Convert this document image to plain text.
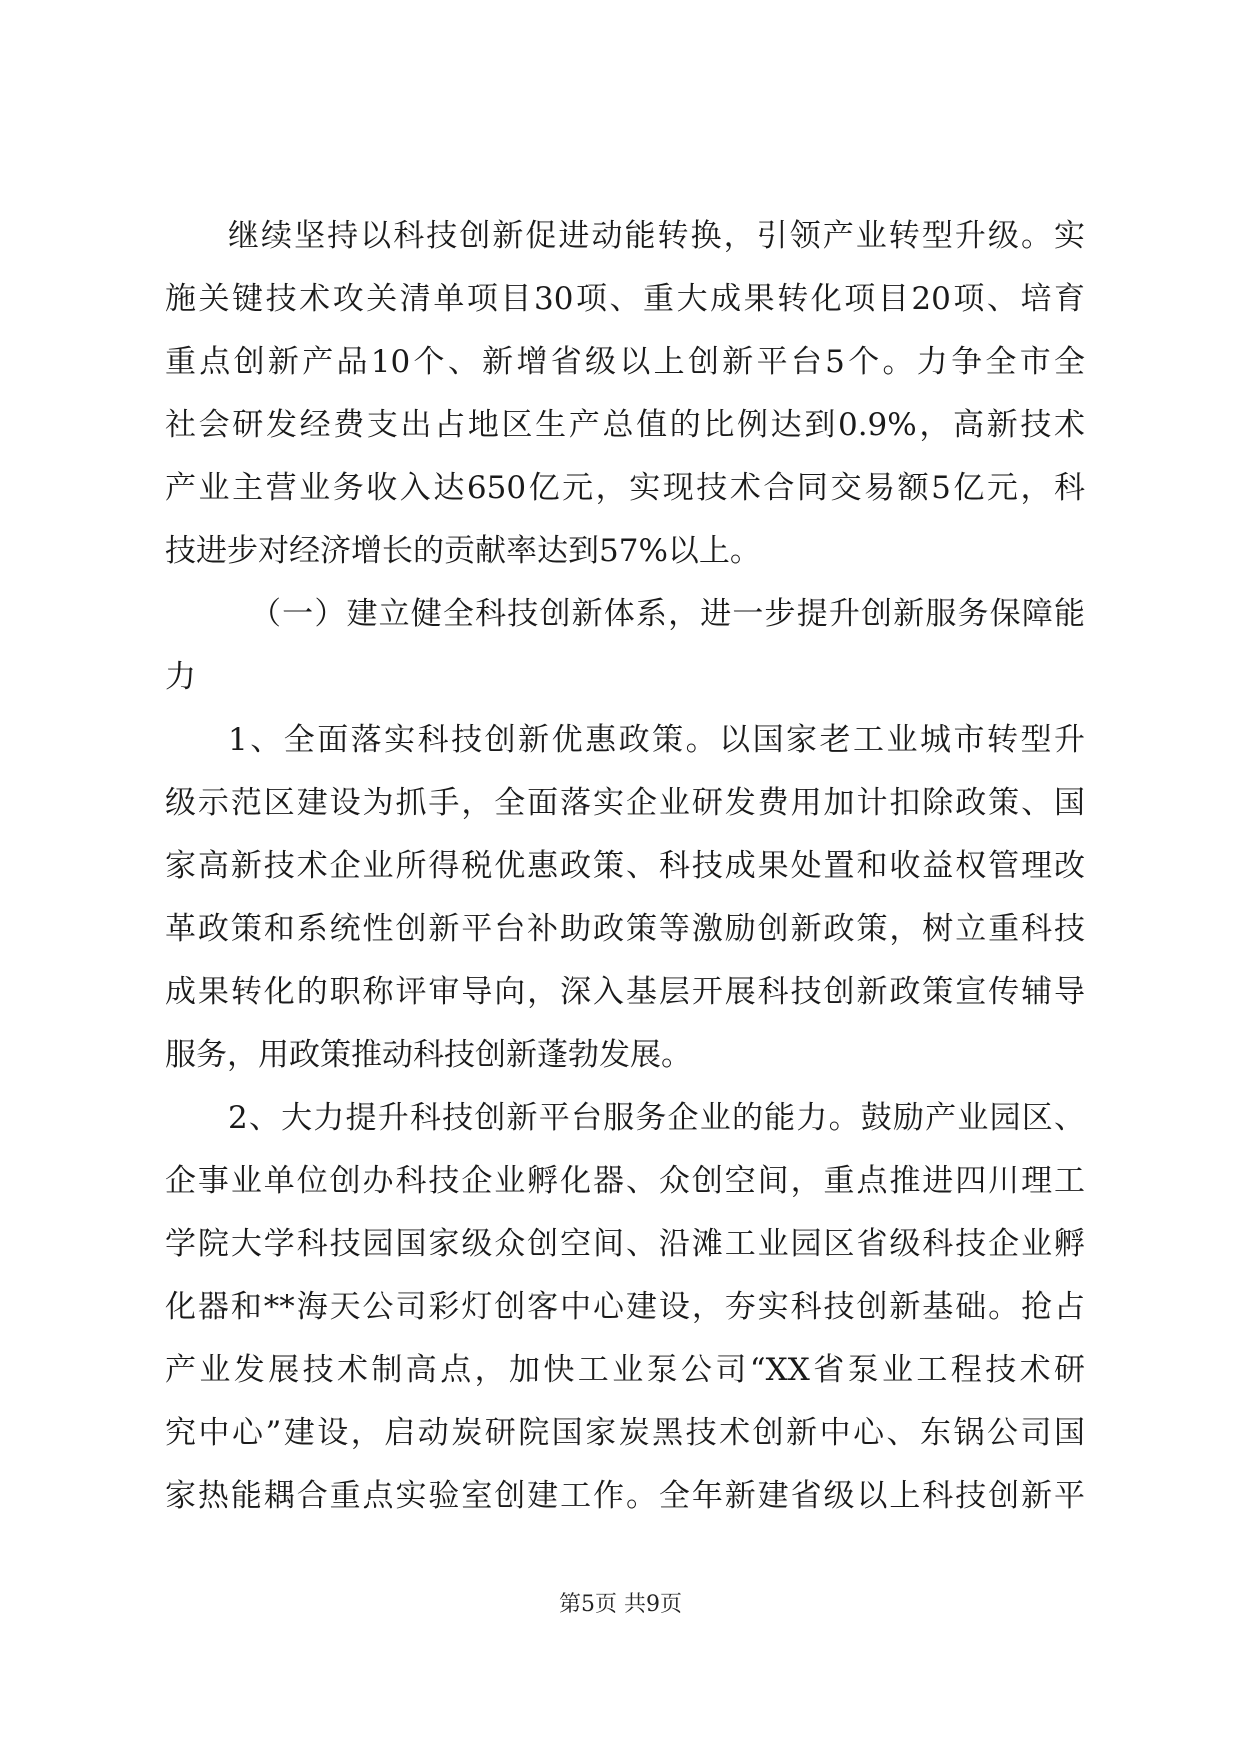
继续坚持以科技创新促进动能转换，引领产业转型升级。实
施关键技术攻关清单项目30项、重大成果转化项目20项、培育
重点创新产品10个、新增省级以上创新平台5个。力争全市全
社会研发经费支出占地区生产总值的比例达到0.9%，高新技术
产业主营业务收入达650亿元，实现技术合同交易额5亿元，科
技进步对经济增长的贡献率达到57%以上。
（一）建立健全科技创新体系，进一步提升创新服务保障能
力
1、全面落实科技创新优惠政策。以国家老工业城市转型升
级示范区建设为抓手，全面落实企业研发费用加计扣除政策、国
家高新技术企业所得税优惠政策、科技成果处置和收益权管理改
革政策和系统性创新平台补助政策等激励创新政策，树立重科技
成果转化的职称评审导向，深入基层开展科技创新政策宣传辅导
服务，用政策推动科技创新蓬勃发展。
2、大力提升科技创新平台服务企业的能力。鼓励产业园区、
企事业单位创办科技企业孵化器、众创空间，重点推进四川理工
学院大学科技园国家级众创空间、沿滩工业园区省级科技企业孵
化器和**海天公司彩灯创客中心建设，夯实科技创新基础。抢占
产业发展技术制高点，加快工业泵公司“XX省泵业工程技术研
究中心”建设，启动炭研院国家炭黑技术创新中心、东锅公司国
家热能耦合重点实验室创建工作。全年新建省级以上科技创新平
第5页 共9页
